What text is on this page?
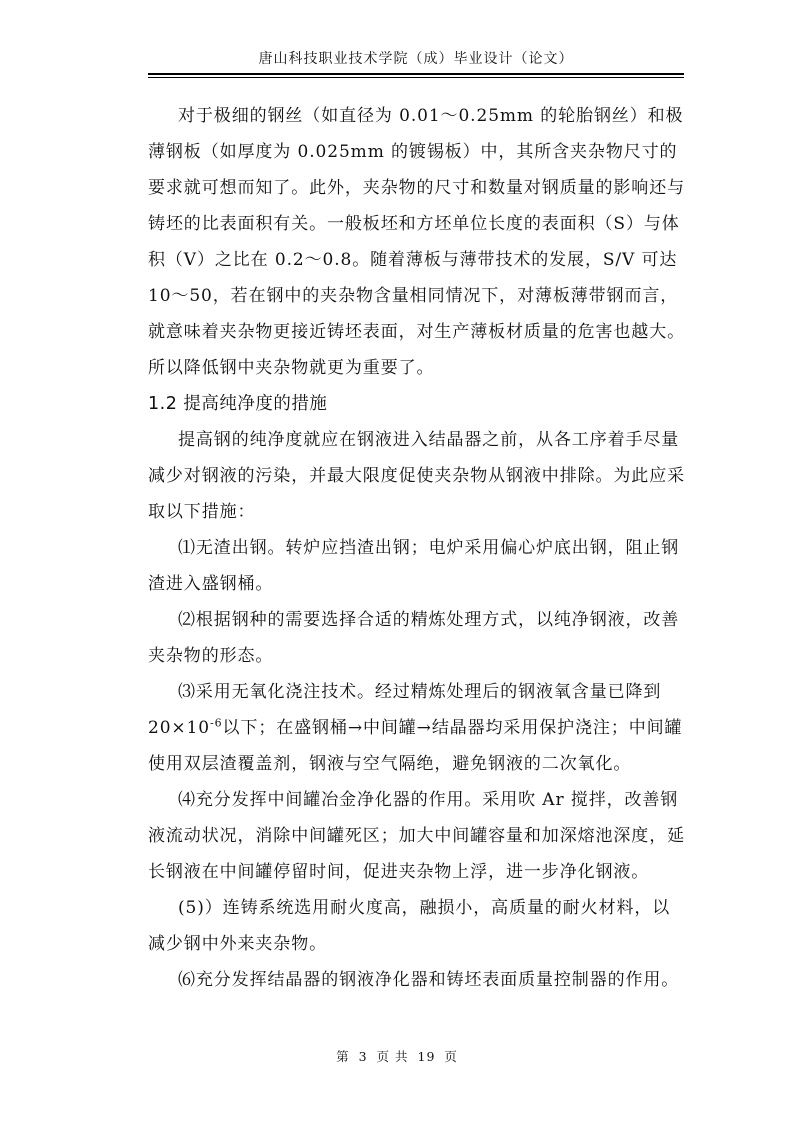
唐山科技职业技术学院（成）毕业设计（论文）

对于极细的钢丝（如直径为 0.01～0.25mm 的轮胎钢丝）和极薄钢板（如厚度为 0.025mm 的镀锡板）中，其所含夹杂物尺寸的要求就可想而知了。此外，夹杂物的尺寸和数量对钢质量的影响还与铸坯的比表面积有关。一般板坯和方坯单位长度的表面积（S）与体积（V）之比在 0.2～0.8。随着薄板与薄带技术的发展，S/V 可达 10～50，若在钢中的夹杂物含量相同情况下，对薄板薄带钢而言，就意味着夹杂物更接近铸坯表面，对生产薄板材质量的危害也越大。所以降低钢中夹杂物就更为重要了。

1.2 提高纯净度的措施

提高钢的纯净度就应在钢液进入结晶器之前，从各工序着手尽量减少对钢液的污染，并最大限度促使夹杂物从钢液中排除。为此应采取以下措施：

⑴无渣出钢。转炉应挡渣出钢；电炉采用偏心炉底出钢，阻止钢渣进入盛钢桶。

⑵根据钢种的需要选择合适的精炼处理方式，以纯净钢液，改善夹杂物的形态。

⑶采用无氧化浇注技术。经过精炼处理后的钢液氧含量已降到 $20\times 10^{-6}$以下；在盛钢桶→中间罐→结晶器均采用保护浇注；中间罐使用双层渣覆盖剂，钢液与空气隔绝，避免钢液的二次氧化。

⑷充分发挥中间罐冶金净化器的作用。采用吹 Ar 搅拌，改善钢液流动状况，消除中间罐死区；加大中间罐容量和加深熔池深度，延长钢液在中间罐停留时间，促进夹杂物上浮，进一步净化钢液。

(5)）连铸系统选用耐火度高，融损小，高质量的耐火材料，以减少钢中外来夹杂物。

⑹充分发挥结晶器的钢液净化器和铸坯表面质量控制器的作用。

第 3 页 共 19 页
